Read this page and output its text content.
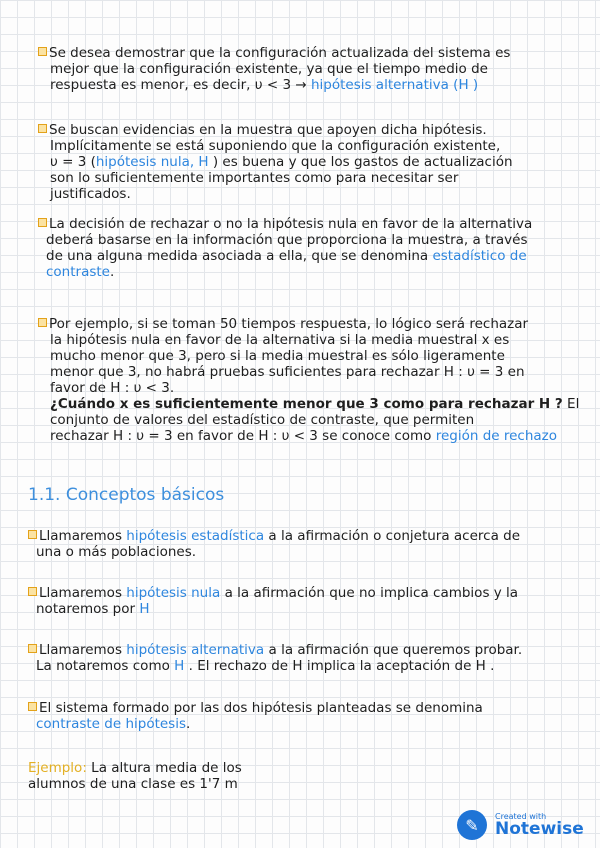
Se desea demostrar que la configuración actualizada del sistema es
mejor que la configuración existente, ya que el tiempo medio de
respuesta es menor, es decir, υ < 3 → hipótesis alternativa (H )
Se buscan evidencias en la muestra que apoyen dicha hipótesis.
Implícitamente se está suponiendo que la configuración existente,
υ = 3 (hipótesis nula, H ) es buena y que los gastos de actualización
son lo suficientemente importantes como para necesitar ser
justificados.
La decisión de rechazar o no la hipótesis nula en favor de la alternativa
deberá basarse en la información que proporciona la muestra, a través
de una alguna medida asociada a ella, que se denomina estadístico de
contraste.
Por ejemplo, si se toman 50 tiempos respuesta, lo lógico será rechazar
la hipótesis nula en favor de la alternativa si la media muestral x es
mucho menor que 3, pero si la media muestral es sólo ligeramente
menor que 3, no habrá pruebas suficientes para rechazar H : υ = 3 en
favor de H : υ < 3.
¿Cuándo x es suficientemente menor que 3 como para rechazar H ? El
conjunto de valores del estadístico de contraste, que permiten
rechazar H : υ = 3 en favor de H : υ < 3 se conoce como región de rechazo
1.1. Conceptos básicos
Llamaremos hipótesis estadística a la afirmación o conjetura acerca de
una o más poblaciones.
Llamaremos hipótesis nula a la afirmación que no implica cambios y la
notaremos por H
Llamaremos hipótesis alternativa a la afirmación que queremos probar.
La notaremos como H . El rechazo de H implica la aceptación de H .
El sistema formado por las dos hipótesis planteadas se denomina
contraste de hipótesis.
Ejemplo: La altura media de los
alumnos de una clase es 1'7 m
✎	Created with
Notewise
